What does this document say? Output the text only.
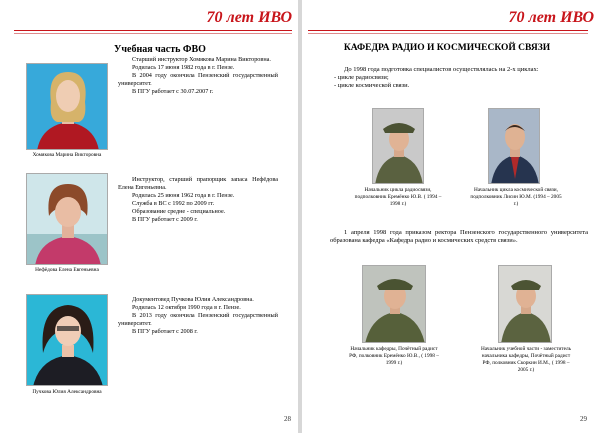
70 лет ИВО
Учебная часть ФВО
Хомякова Марина Викторовна

Старший инструктор Хомякова Марина Викторовна.

Родилась 17 июня 1982 года в г. Пензе.

В 2004 году окончила Пензенский государственный университет.

В ПГУ работает с 30.07.2007 г.

Нефёдова Елена Евгеньевна

Инструктор, старший прапорщик запаса Нефёдова Елена Евгеньевна.

Родилась 25 июня 1962 года в г. Пензе.

Служба в ВС с 1992 по 2009 гг.

Образование средне - специальное.

В ПГУ работает с 2009 г.

Пучкова Юлия Александровна

Документовед Пучкова Юлия Александровна.

Родилась 12 октября 1990 года в г. Пензе.

В 2013 году окончила Пензенский государственный университет.

В ПГУ работает с 2008 г.

28
70 лет ИВО
КАФЕДРА РАДИО И КОСМИЧЕСКОЙ СВЯЗИ

До 1998 года подготовка специалистов осуществлялась на 2-х циклах:

- цикле радиосвязи;

- цикле космической связи.

Начальник цикла радиосвязи, подполковник Еремёнко Ю.В. ( 1994 – 1998 г.)
Начальник цикла космической связи, подполковник Лисин Ю.М. (1994 – 2005 г.)

1 апреля 1998 года приказом ректора Пензенского государственного университета образована кафедра «Кафедра радио и космических средств связи».

Начальник кафедры, Почётный радист РФ, полковник Еремёнко Ю.В., ( 1998 – 1999 г.)
Начальник учебной части - заместитель начальника кафедры, Почётный радист РФ, полковник Скоркин И.М., ( 1998 – 2005 г.)
29
